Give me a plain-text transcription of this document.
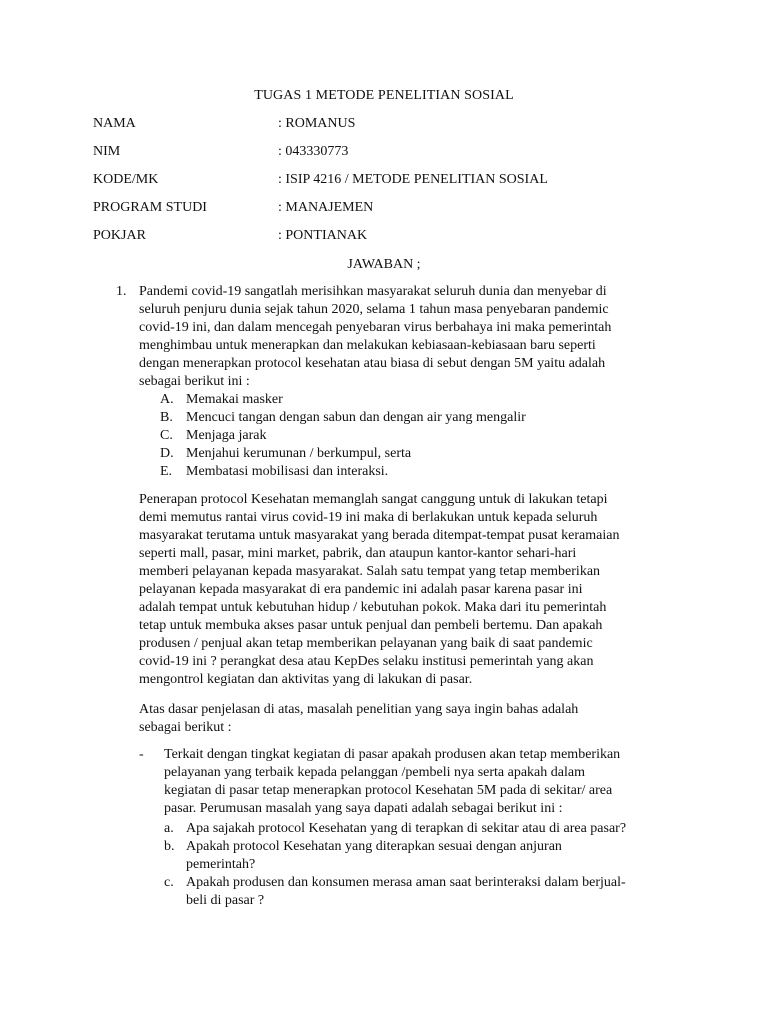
TUGAS 1 METODE PENELITIAN SOSIAL
NAMA	: ROMANUS
NIM	: 043330773
KODE/MK	: ISIP 4216 / METODE PENELITIAN SOSIAL
PROGRAM STUDI	: MANAJEMEN
POKJAR	: PONTIANAK
JAWABAN ;
1. Pandemi covid-19 sangatlah merisihkan masyarakat seluruh dunia dan menyebar di
seluruh penjuru dunia sejak tahun 2020, selama 1 tahun masa penyebaran pandemic
covid-19 ini, dan dalam mencegah penyebaran virus berbahaya ini maka pemerintah
menghimbau untuk menerapkan dan melakukan kebiasaan-kebiasaan baru seperti
dengan menerapkan protocol kesehatan atau biasa di sebut dengan 5M yaitu adalah
sebagai berikut ini :
A. Memakai masker
B. Mencuci tangan dengan sabun dan dengan air yang mengalir
C. Menjaga jarak
D. Menjahui kerumunan / berkumpul, serta
E. Membatasi mobilisasi dan interaksi.
Penerapan protocol Kesehatan memanglah sangat canggung untuk di lakukan tetapi
demi memutus rantai virus covid-19 ini maka di berlakukan untuk kepada seluruh
masyarakat terutama untuk masyarakat yang berada ditempat-tempat pusat keramaian
seperti mall, pasar, mini market, pabrik, dan ataupun kantor-kantor sehari-hari
memberi pelayanan kepada masyarakat. Salah satu tempat yang tetap memberikan
pelayanan kepada masyarakat di era pandemic ini adalah pasar karena pasar ini
adalah tempat untuk kebutuhan hidup / kebutuhan pokok. Maka dari itu pemerintah
tetap untuk membuka akses pasar untuk penjual dan pembeli bertemu. Dan apakah
produsen / penjual akan tetap memberikan pelayanan yang baik di saat pandemic
covid-19 ini ? perangkat desa atau KepDes selaku institusi pemerintah yang akan
mengontrol kegiatan dan aktivitas yang di lakukan di pasar.
Atas dasar penjelasan di atas, masalah penelitian yang saya ingin bahas adalah
sebagai berikut :
- Terkait dengan tingkat kegiatan di pasar apakah produsen akan tetap memberikan
pelayanan yang terbaik kepada pelanggan /pembeli nya serta apakah dalam
kegiatan di pasar tetap menerapkan protocol Kesehatan 5M pada di sekitar/ area
pasar. Perumusan masalah yang saya dapati adalah sebagai berikut ini :
a. Apa sajakah protocol Kesehatan yang di terapkan di sekitar atau di area pasar?
b. Apakah protocol Kesehatan yang diterapkan sesuai dengan anjuran
pemerintah?
c. Apakah produsen dan konsumen merasa aman saat berinteraksi dalam berjual-
beli di pasar ?
